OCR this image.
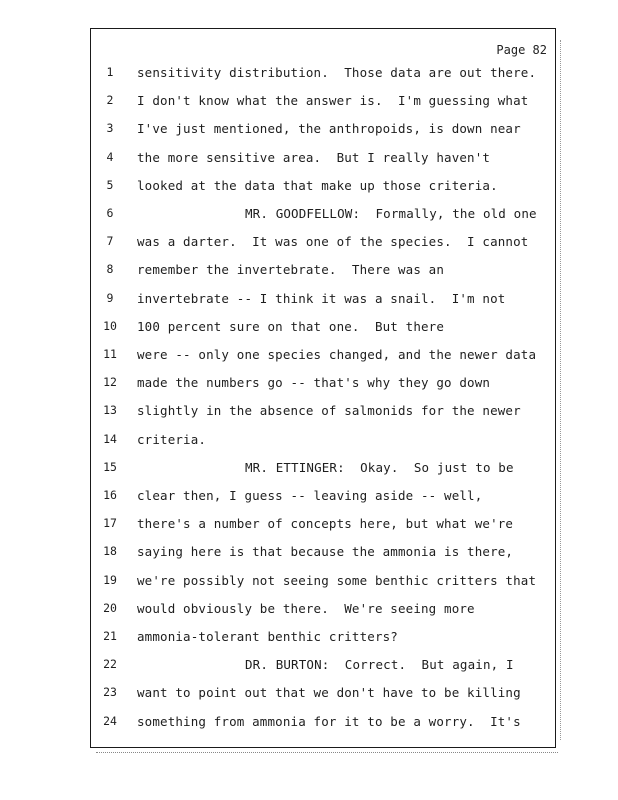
Page 82
1	sensitivity distribution.  Those data are out there.
2	I don't know what the answer is.  I'm guessing what
3	I've just mentioned, the anthropoids, is down near
4	the more sensitive area.  But I really haven't
5	looked at the data that make up those criteria.
6	MR. GOODFELLOW:  Formally, the old one
7	was a darter.  It was one of the species.  I cannot
8	remember the invertebrate.  There was an
9	invertebrate -- I think it was a snail.  I'm not
10	100 percent sure on that one.  But there
11	were -- only one species changed, and the newer data
12	made the numbers go -- that's why they go down
13	slightly in the absence of salmonids for the newer
14	criteria.
15	MR. ETTINGER:  Okay.  So just to be
16	clear then, I guess -- leaving aside -- well,
17	there's a number of concepts here, but what we're
18	saying here is that because the ammonia is there,
19	we're possibly not seeing some benthic critters that
20	would obviously be there.  We're seeing more
21	ammonia-tolerant benthic critters?
22	DR. BURTON:  Correct.  But again, I
23	want to point out that we don't have to be killing
24	something from ammonia for it to be a worry.  It's
